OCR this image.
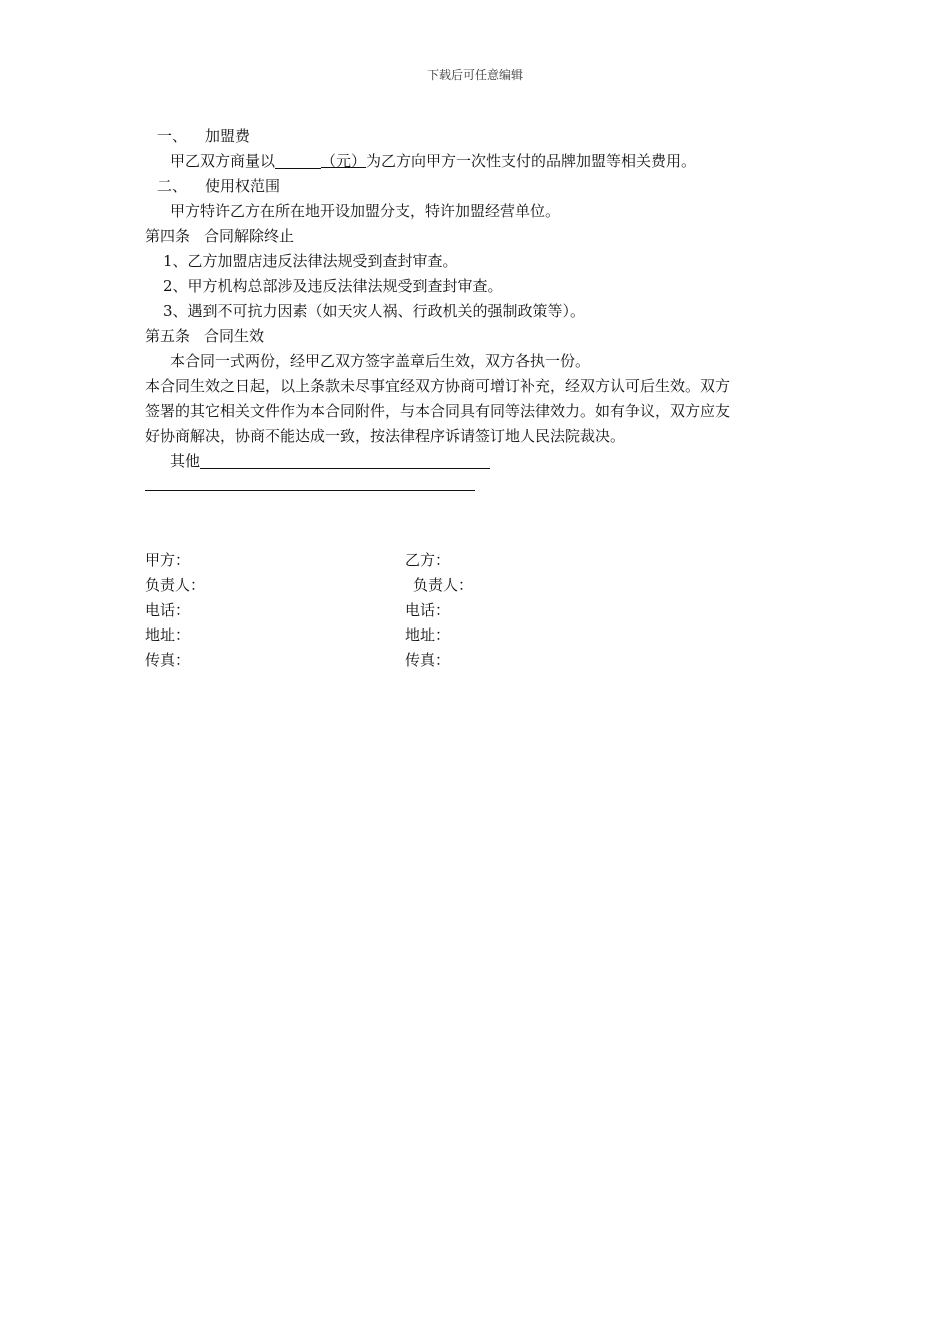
下载后可任意编辑
一、 加盟费
甲乙双方商量以	（元）为乙方向甲方一次性支付的品牌加盟等相关费用。
二、 使用权范围
甲方特许乙方在所在地开设加盟分支，特许加盟经营单位。
第四条 合同解除终止
1、乙方加盟店违反法律法规受到查封审查。
2、甲方机构总部涉及违反法律法规受到查封审查。
3、遇到不可抗力因素（如天灾人祸、行政机关的强制政策等）。
第五条 合同生效
本合同一式两份，经甲乙双方签字盖章后生效，双方各执一份。
本合同生效之日起，以上条款未尽事宜经双方协商可增订补充，经双方认可后生效。双方
签署的其它相关文件作为本合同附件，与本合同具有同等法律效力。如有争议，双方应友
好协商解决，协商不能达成一致，按法律程序诉请签订地人民法院裁决。
其他
甲方：
负责人：
电话：
地址：
传真：
乙方：
负责人：
电话：
地址：
传真：
